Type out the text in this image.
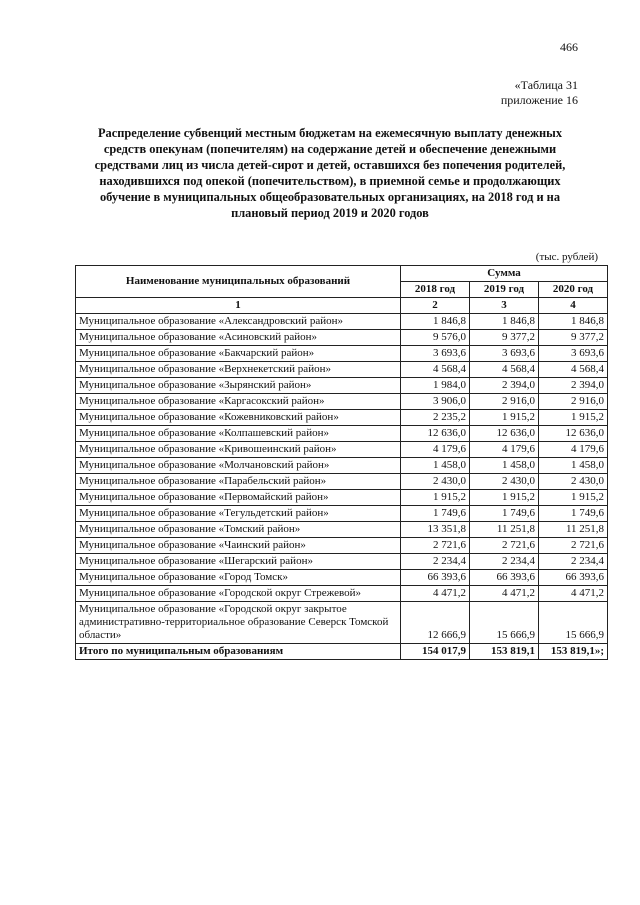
466
«Таблица 31
приложение 16

Распределение субвенций местным бюджетам на ежемесячную выплату денежных средств опекунам (попечителям) на содержание детей и обеспечение денежными средствами лиц из числа детей-сирот и детей, оставшихся без попечения родителей, находившихся под опекой (попечительством), в приемной семье и продолжающих обучение в муниципальных общеобразовательных организациях, на 2018 год и на плановый период 2019 и 2020 годов

(тыс. рублей)
Наименование муниципальных образований	Сумма		
	2018 год	2019 год	2020 год
1	2	3	4
Муниципальное образование «Александровский район»	1 846,8	1 846,8	1 846,8
Муниципальное образование «Асиновский район»	9 576,0	9 377,2	9 377,2
Муниципальное образование «Бакчарский район»	3 693,6	3 693,6	3 693,6
Муниципальное образование «Верхнекетский район»	4 568,4	4 568,4	4 568,4
Муниципальное образование «Зырянский район»	1 984,0	2 394,0	2 394,0
Муниципальное образование «Каргасокский район»	3 906,0	2 916,0	2 916,0
Муниципальное образование «Кожевниковский район»	2 235,2	1 915,2	1 915,2
Муниципальное образование «Колпашевский район»	12 636,0	12 636,0	12 636,0
Муниципальное образование «Кривошеинский район»	4 179,6	4 179,6	4 179,6
Муниципальное образование «Молчановский район»	1 458,0	1 458,0	1 458,0
Муниципальное образование «Парабельский район»	2 430,0	2 430,0	2 430,0
Муниципальное образование «Первомайский район»	1 915,2	1 915,2	1 915,2
Муниципальное образование «Тегульдетский район»	1 749,6	1 749,6	1 749,6
Муниципальное образование «Томский район»	13 351,8	11 251,8	11 251,8
Муниципальное образование «Чаинский район»	2 721,6	2 721,6	2 721,6
Муниципальное образование «Шегарский район»	2 234,4	2 234,4	2 234,4
Муниципальное образование «Город Томск»	66 393,6	66 393,6	66 393,6
Муниципальное образование «Городской округ Стрежевой»	4 471,2	4 471,2	4 471,2
Муниципальное образование «Городской округ закрытое административно-территориальное образование Северск Томской области»	12 666,9	15 666,9	15 666,9
Итого по муниципальным образованиям	154 017,9	153 819,1	153 819,1»;
